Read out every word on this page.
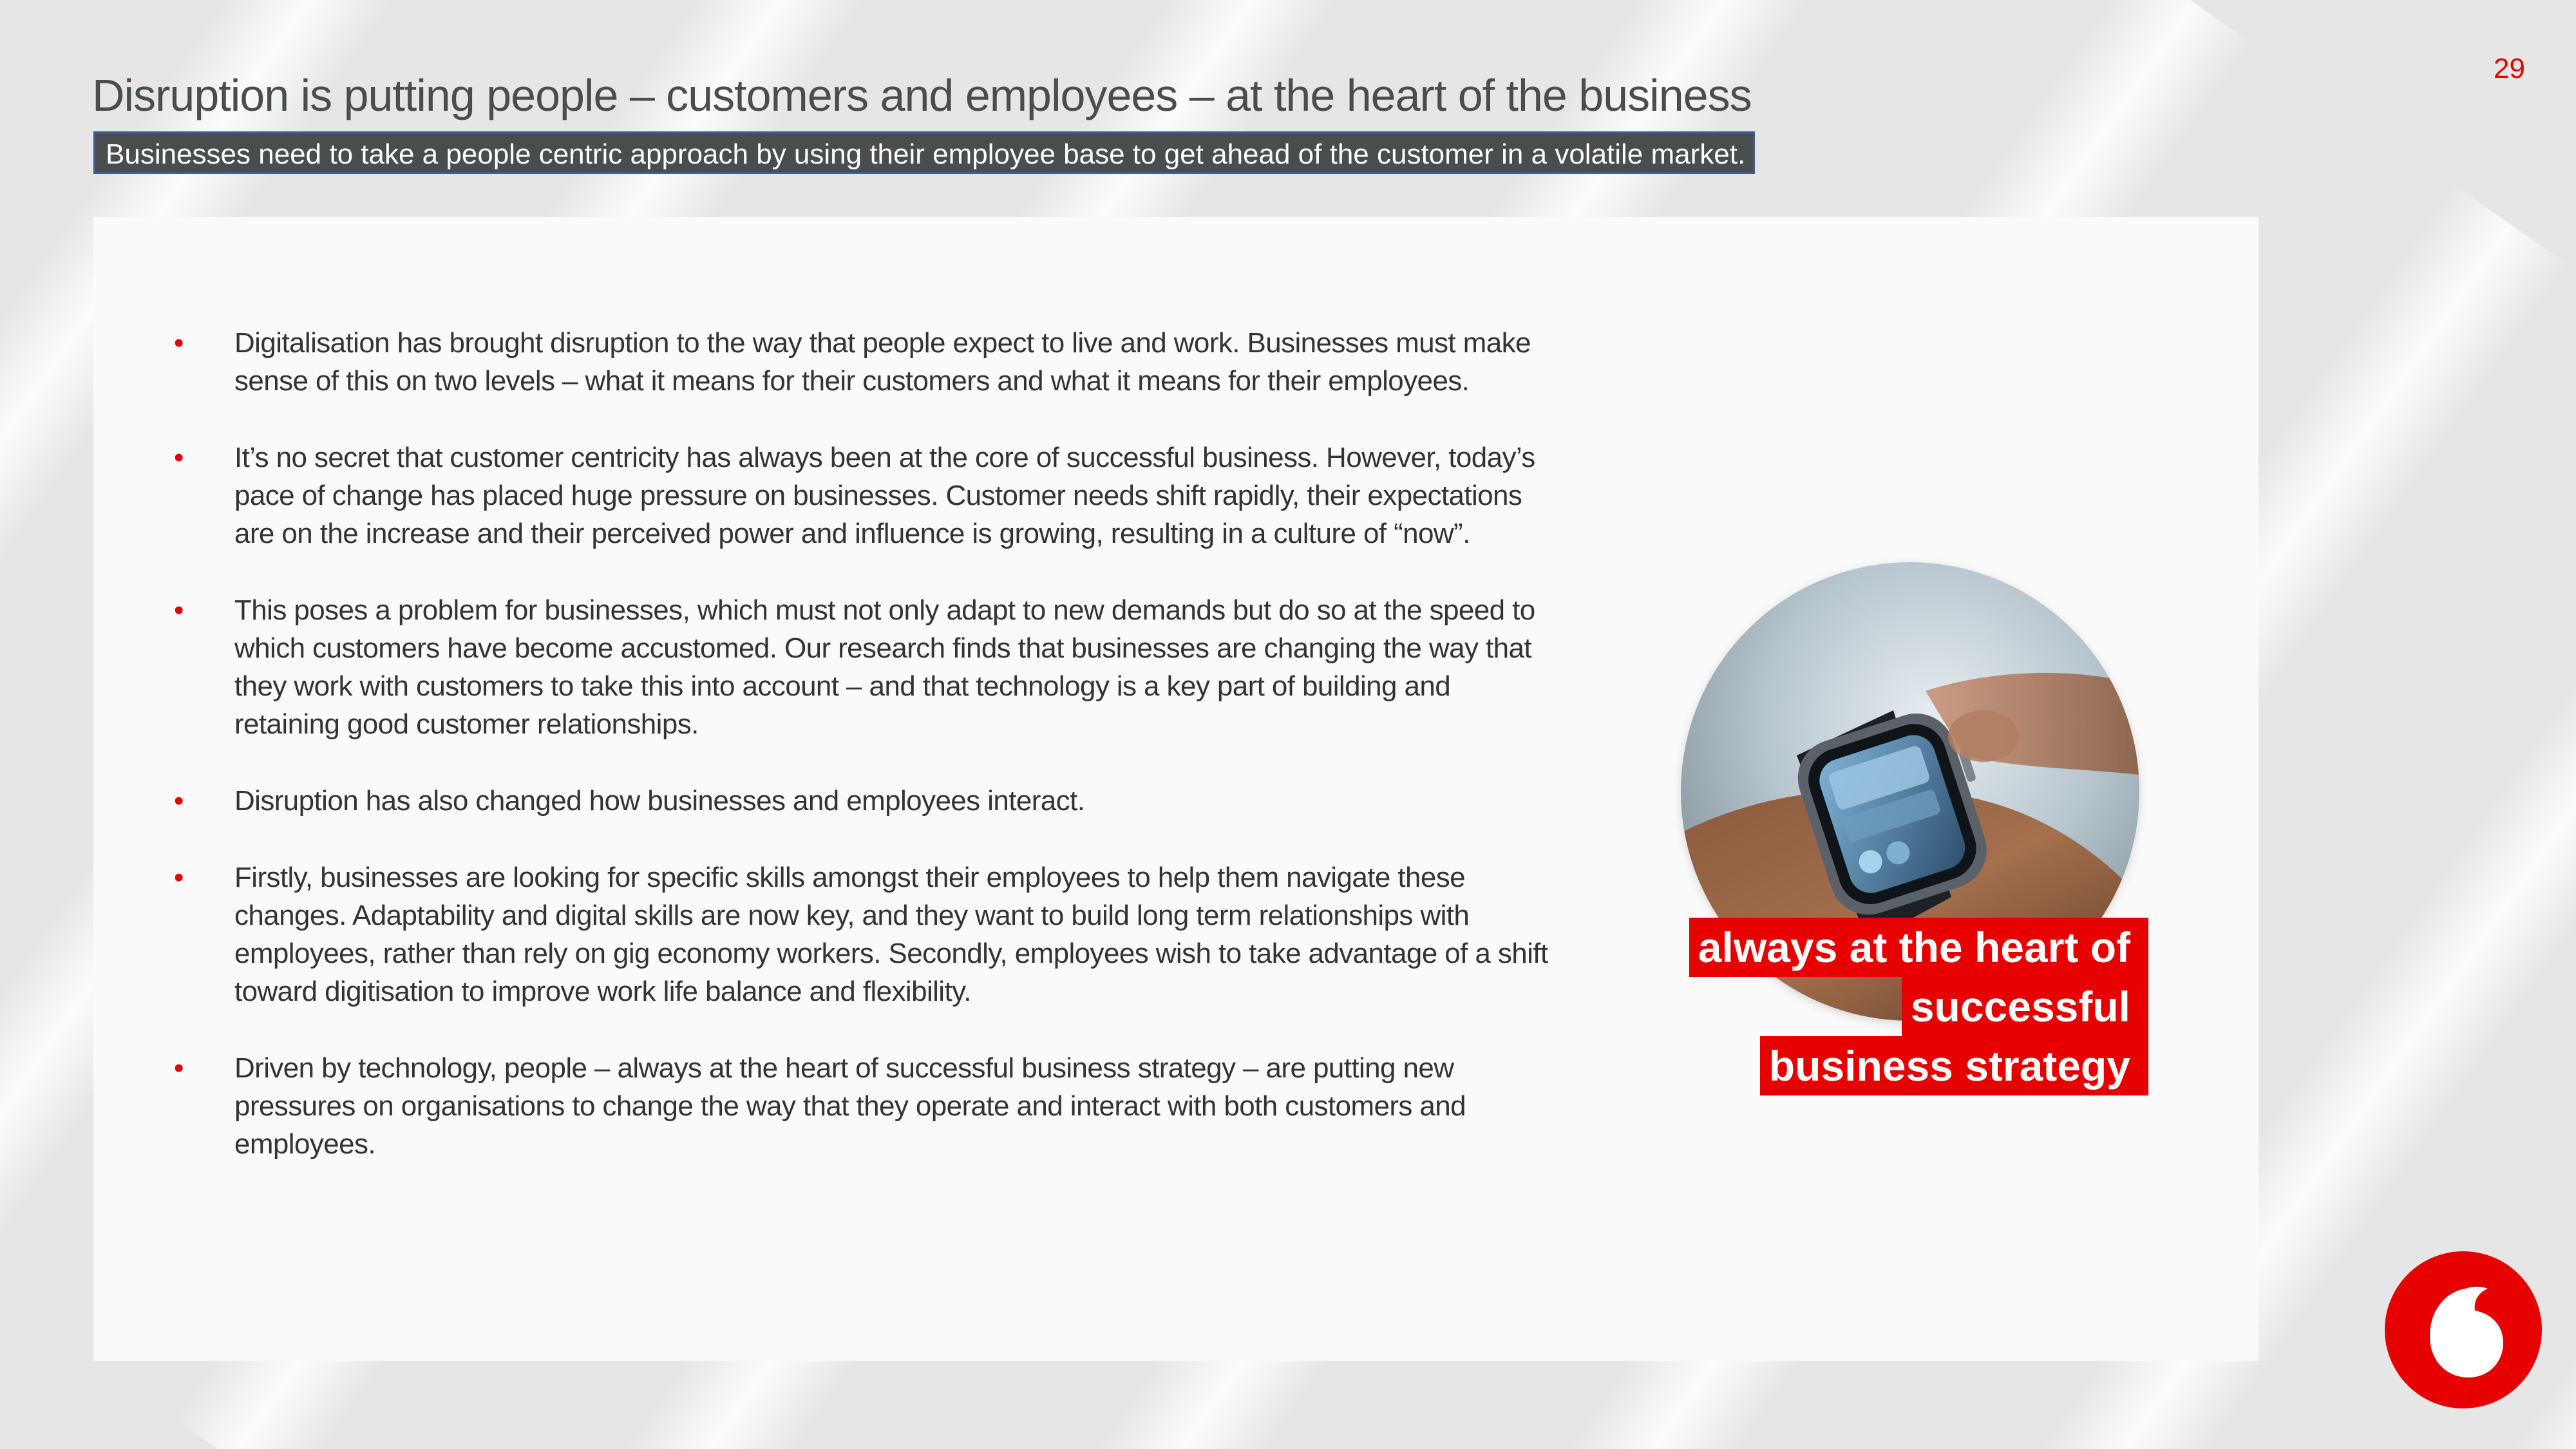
29
Disruption is putting people – customers and employees – at the heart of the business
Businesses need to take a people centric approach by using their employee base to get ahead of the customer in a volatile market.
• Digitalisation has brought disruption to the way that people expect to live and work. Businesses must make sense of this on two levels – what it means for their customers and what it means for their employees.
• It’s no secret that customer centricity has always been at the core of successful business. However, today’s pace of change has placed huge pressure on businesses. Customer needs shift rapidly, their expectations are on the increase and their perceived power and influence is growing, resulting in a culture of “now”.
• This poses a problem for businesses, which must not only adapt to new demands but do so at the speed to which customers have become accustomed. Our research finds that businesses are changing the way that they work with customers to take this into account – and that technology is a key part of building and retaining good customer relationships.
• Disruption has also changed how businesses and employees interact.
• Firstly, businesses are looking for specific skills amongst their employees to help them navigate these changes. Adaptability and digital skills are now key, and they want to build long term relationships with employees, rather than rely on gig economy workers. Secondly, employees wish to take advantage of a shift toward digitisation to improve work life balance and flexibility.
• Driven by technology, people – always at the heart of successful business strategy – are putting new pressures on organisations to change the way that they operate and interact with both customers and employees.
always at the heart of
successful
business strategy
